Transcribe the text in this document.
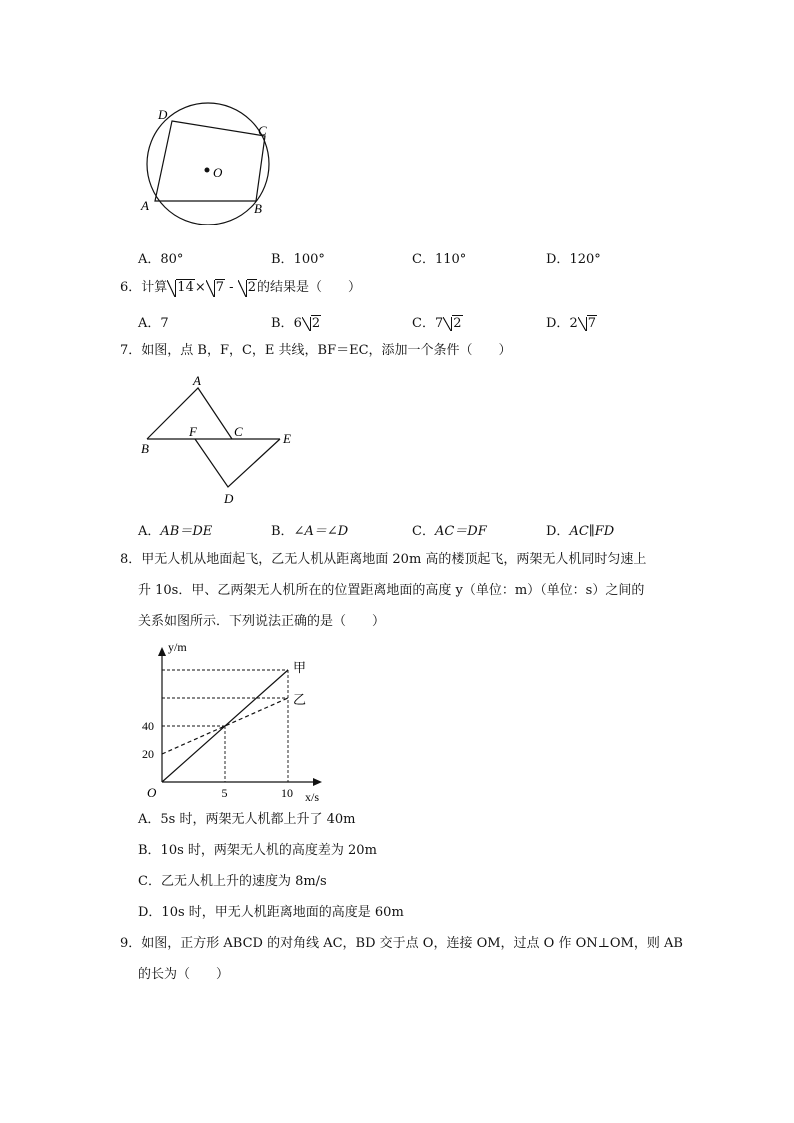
D
C
O
A	B
A．80°	B．100°	C．110°	D．120°
6．计算 14× 7 - 2的结果是（　　）
A．7	B．6 2	C．7 2	D．2 7
7．如图，点 B，F，C，E 共线，BF＝EC，添加一个条件（　　）
A
B
F	C	E
D
A．AB＝DE	B．∠A＝∠D	C．AC＝DF	D．AC∥FD
8．甲无人机从地面起飞，乙无人机从距离地面 20m 高的楼顶起飞，两架无人机同时匀速上
升 10s．甲、乙两架无人机所在的位置距离地面的高度 y（单位：m）（单位：s）之间的
关系如图所示．下列说法正确的是（　　）
甲
乙
5	10
20
40
O	x/s
y/m
A．5s 时，两架无人机都上升了 40m
B．10s 时，两架无人机的高度差为 20m
C．乙无人机上升的速度为 8m/s
D．10s 时，甲无人机距离地面的高度是 60m
9．如图，正方形 ABCD 的对角线 AC，BD 交于点 O，连接 OM，过点 O 作 ON⊥OM，则 AB
的长为（　　）
